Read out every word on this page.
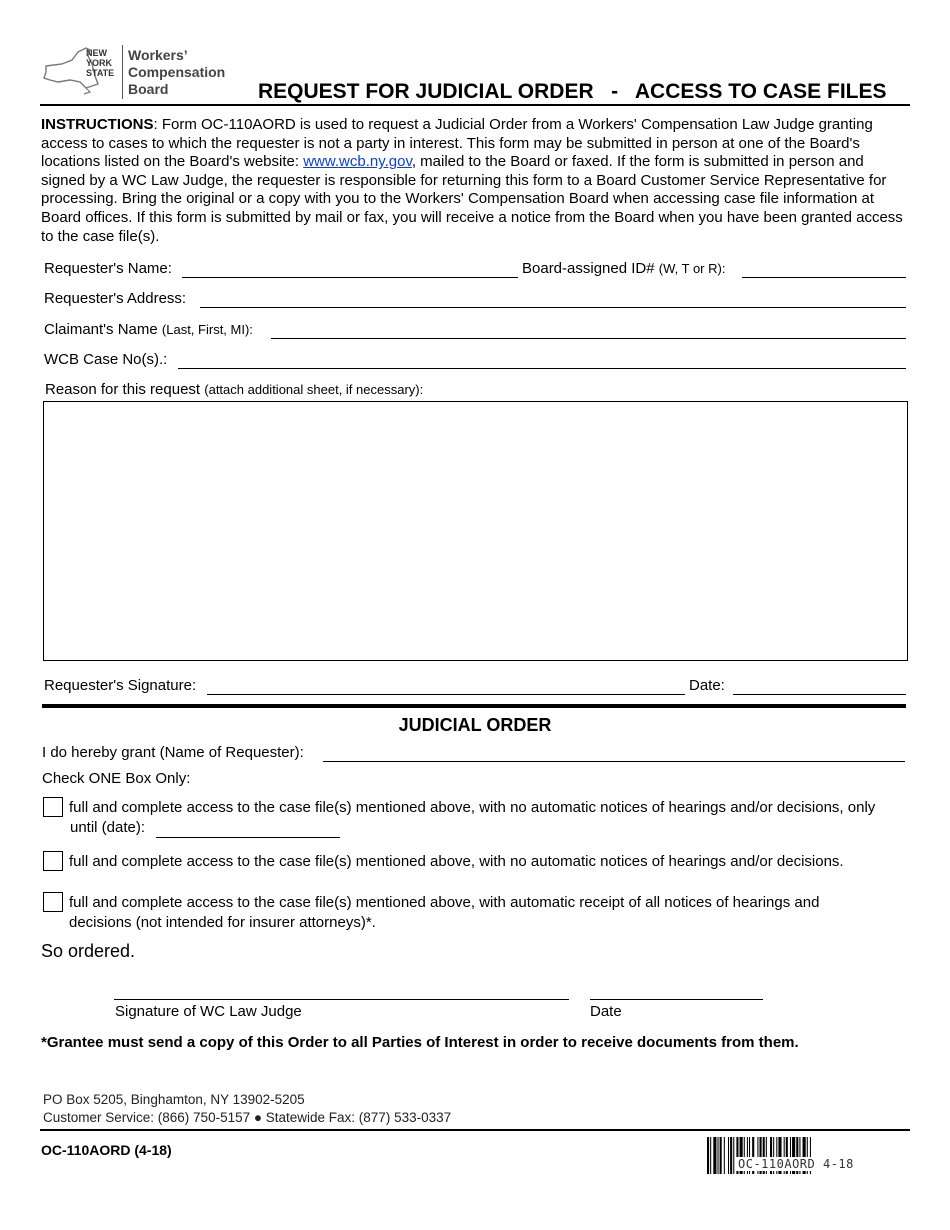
NEW
YORK
STATE
Workers’
Compensation
Board	REQUEST FOR JUDICIAL ORDER   -   ACCESS TO CASE FILES
INSTRUCTIONS: Form OC-110AORD is used to request a Judicial Order from a Workers' Compensation Law Judge granting access to cases to which the requester is not a party in interest. This form may be submitted in person at one of the Board's locations listed on the Board's website: www.wcb.ny.gov, mailed to the Board or faxed. If the form is submitted in person and signed by a WC Law Judge, the requester is responsible for returning this form to a Board Customer Service Representative for processing. Bring the original or a copy with you to the Workers' Compensation Board when accessing case file information at Board offices. If this form is submitted by mail or fax, you will receive a notice from the Board when you have been granted access to the case file(s).
Requester's Name:	Board-assigned ID# (W, T or R):
Requester's Address:
Claimant's Name (Last, First, MI):
WCB Case No(s).:
Reason for this request (attach additional sheet, if necessary):
Requester's Signature:	Date:
JUDICIAL ORDER
I do hereby grant (Name of Requester):
Check ONE Box Only:
full and complete access to the case file(s) mentioned above, with no automatic notices of hearings and/or decisions, only
until (date):
full and complete access to the case file(s) mentioned above, with no automatic notices of hearings and/or decisions.
full and complete access to the case file(s) mentioned above, with automatic receipt of all notices of hearings and decisions (not intended for insurer attorneys)*.
So ordered.
Signature of WC Law Judge	Date
*Grantee must send a copy of this Order to all Parties of Interest in order to receive documents from them.
PO Box 5205, Binghamton, NY 13902-5205
Customer Service: (866) 750-5157 ● Statewide Fax: (877) 533-0337
OC-110AORD (4-18)
OC-110AORD 4-18
